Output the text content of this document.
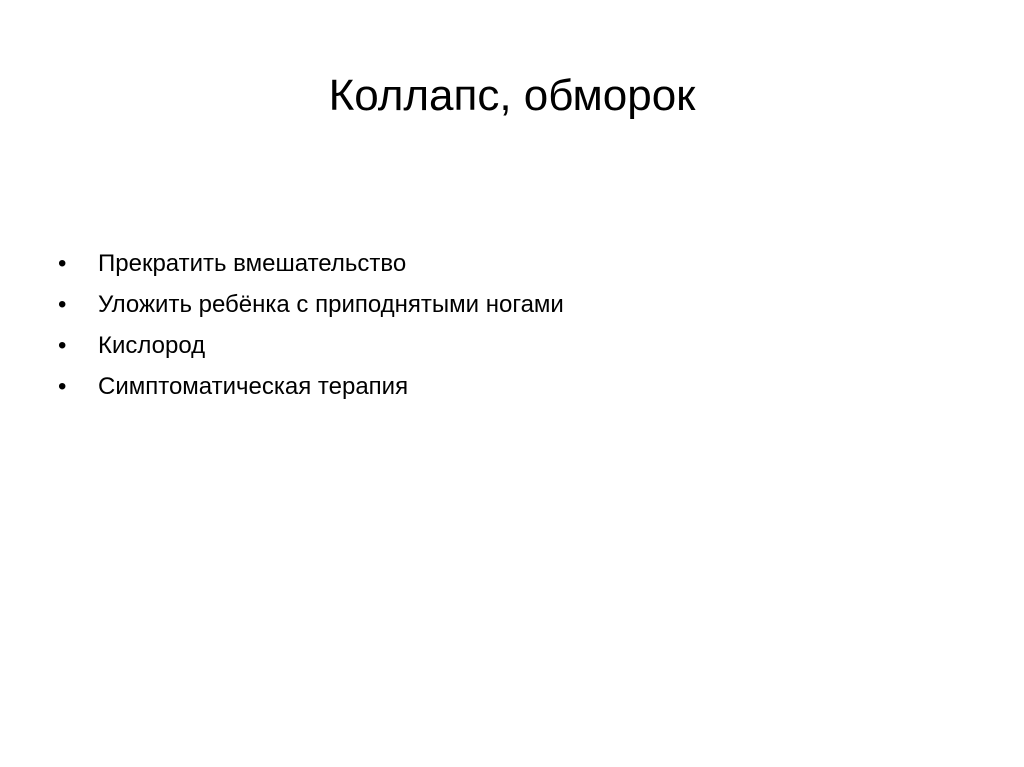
Коллапс, обморок
•	Прекратить вмешательство
•	Уложить ребёнка с приподнятыми ногами
•	Кислород
•	Симптоматическая терапия
